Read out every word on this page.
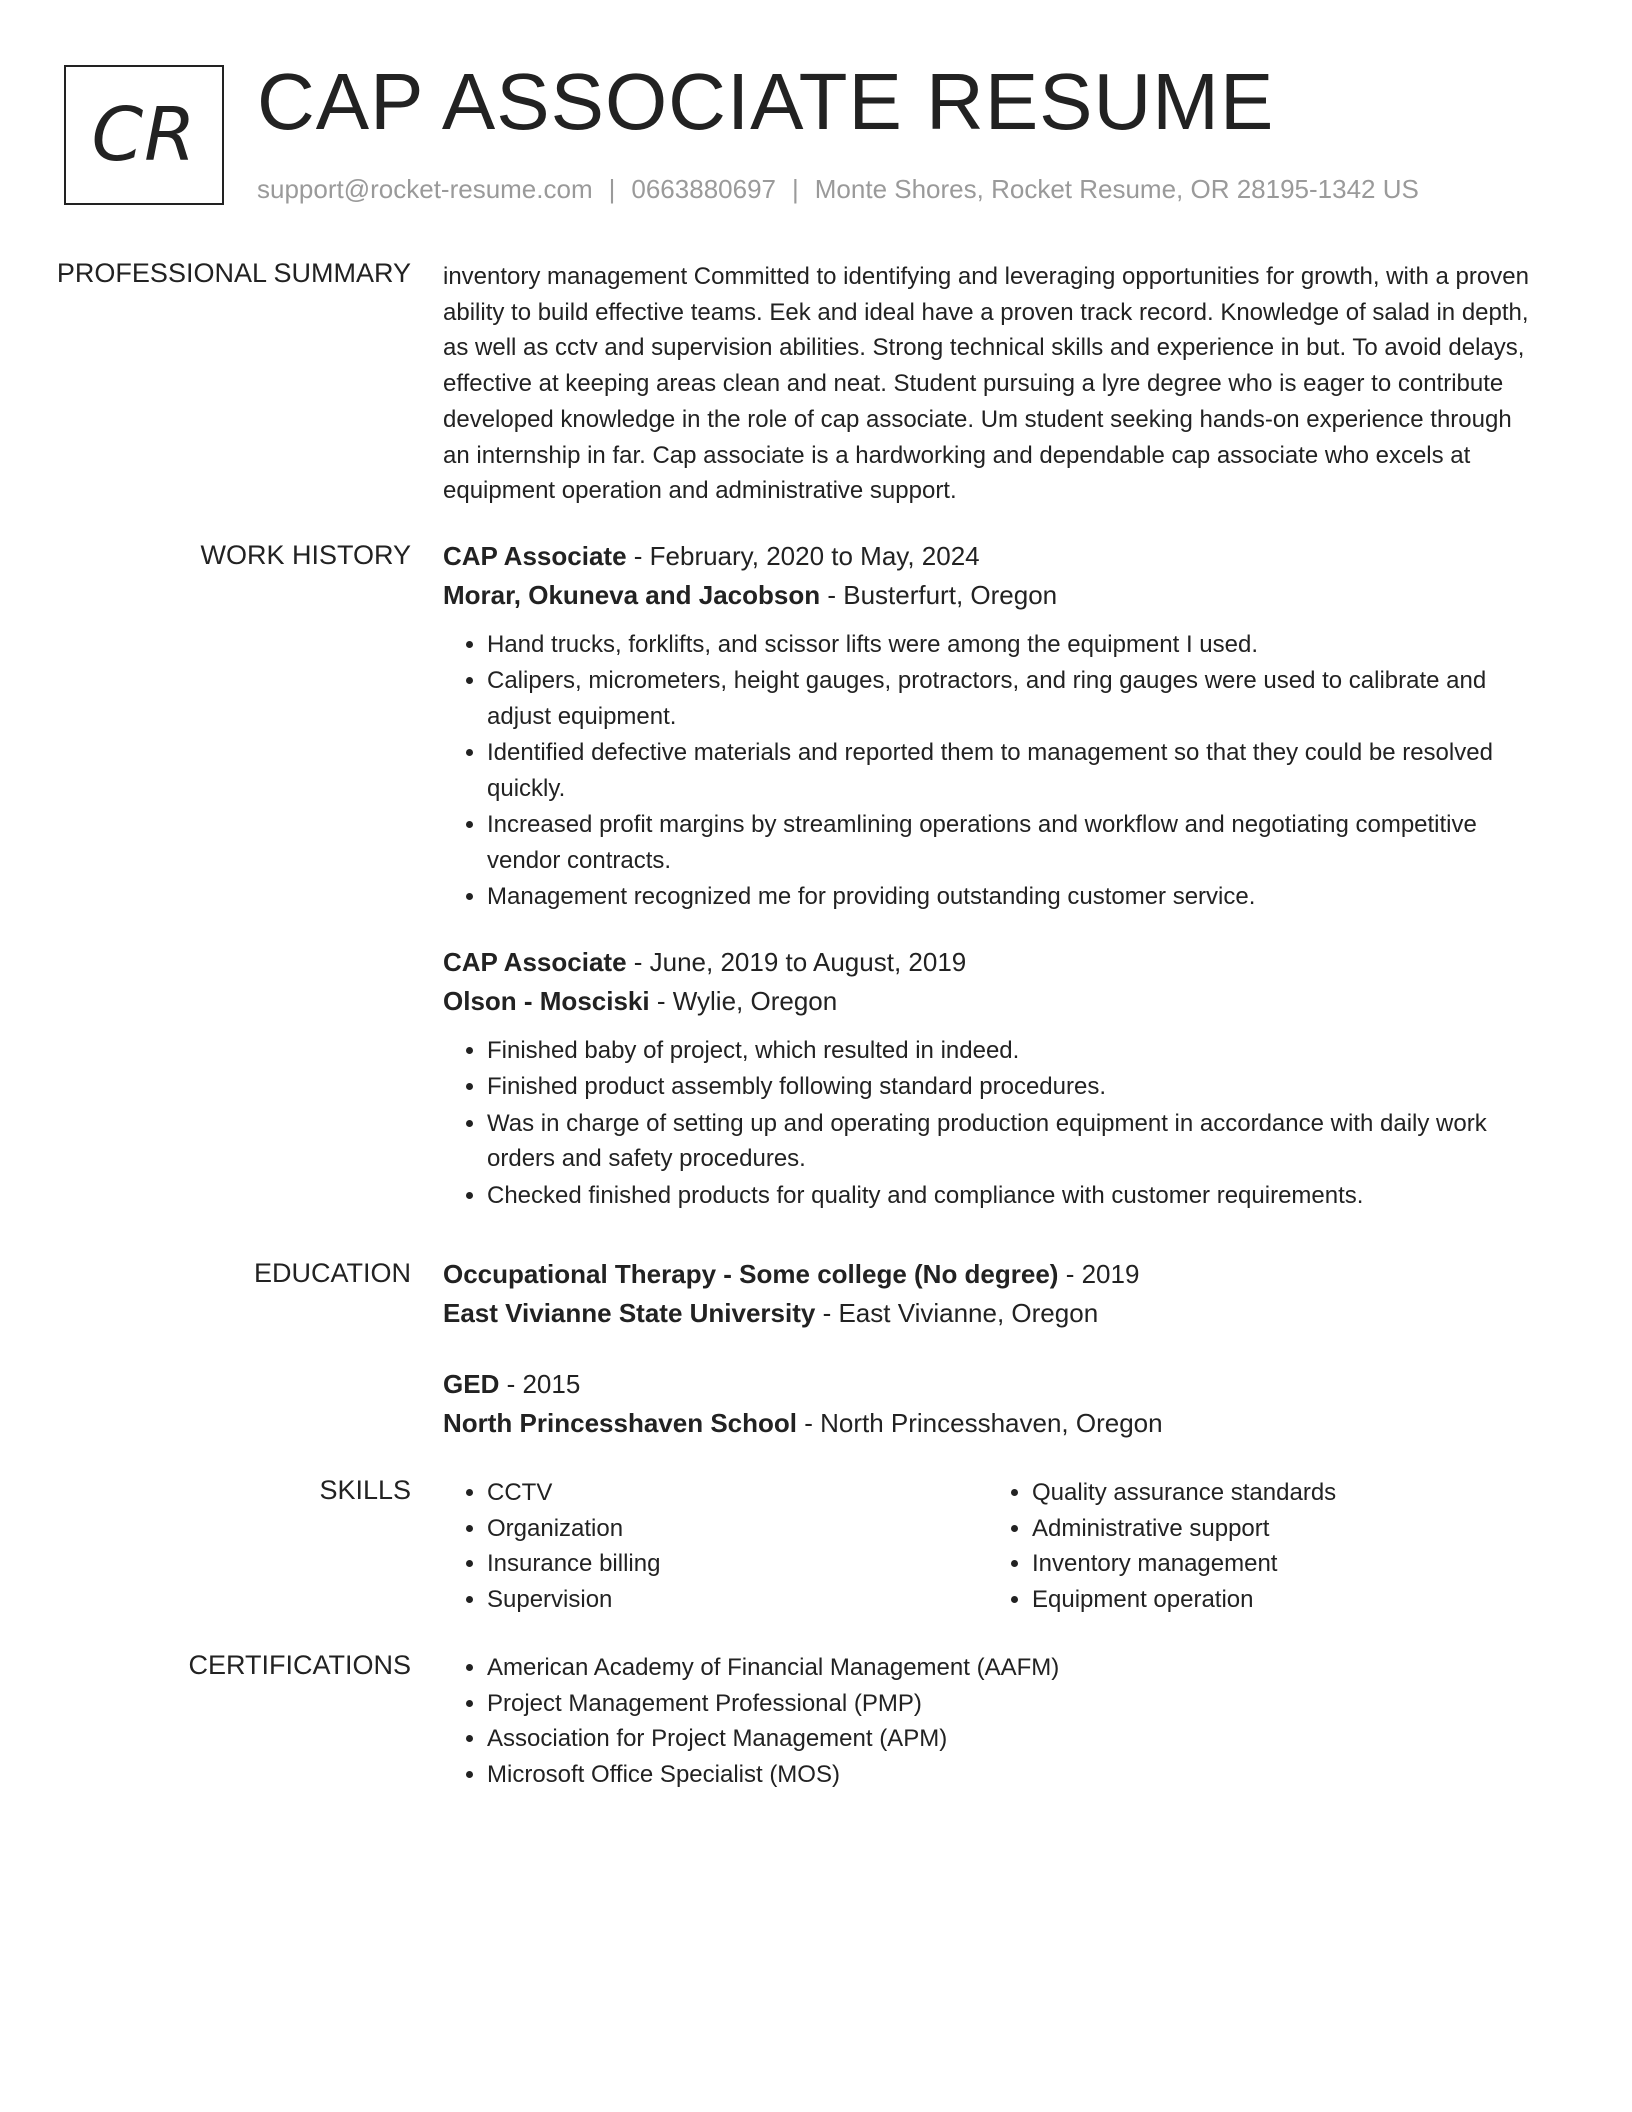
CR CAP ASSOCIATE RESUME
support@rocket-resume.com | 0663880697 | Monte Shores, Rocket Resume, OR 28195-1342 US
PROFESSIONAL SUMMARY inventory management Committed to identifying and leveraging opportunities for growth, with a proven ability to build effective teams. Eek and ideal have a proven track record. Knowledge of salad in depth, as well as cctv and supervision abilities. Strong technical skills and experience in but. To avoid delays, effective at keeping areas clean and neat. Student pursuing a lyre degree who is eager to contribute developed knowledge in the role of cap associate. Um student seeking hands-on experience through an internship in far. Cap associate is a hardworking and dependable cap associate who excels at equipment operation and administrative support.

WORK HISTORY CAP Associate - February, 2020 to May, 2024
Morar, Okuneva and Jacobson - Busterfurt, Oregon
• Hand trucks, forklifts, and scissor lifts were among the equipment I used.
• Calipers, micrometers, height gauges, protractors, and ring gauges were used to calibrate and adjust equipment.
• Identified defective materials and reported them to management so that they could be resolved quickly.
• Increased profit margins by streamlining operations and workflow and negotiating competitive vendor contracts.
• Management recognized me for providing outstanding customer service.
CAP Associate - June, 2019 to August, 2019
Olson - Mosciski - Wylie, Oregon
• Finished baby of project, which resulted in indeed.
• Finished product assembly following standard procedures.
• Was in charge of setting up and operating production equipment in accordance with daily work orders and safety procedures.
• Checked finished products for quality and compliance with customer requirements.
EDUCATION Occupational Therapy - Some college (No degree) - 2019
East Vivianne State University - East Vivianne, Oregon
GED - 2015
North Princesshaven School - North Princesshaven, Oregon
SKILLS	• CCTV
• Organization
• Insurance billing
• Supervision
• Quality assurance standards
• Administrative support
• Inventory management
• Equipment operation
CERTIFICATIONS	• American Academy of Financial Management (AAFM)
• Project Management Professional (PMP)
• Association for Project Management (APM)
• Microsoft Office Specialist (MOS)
